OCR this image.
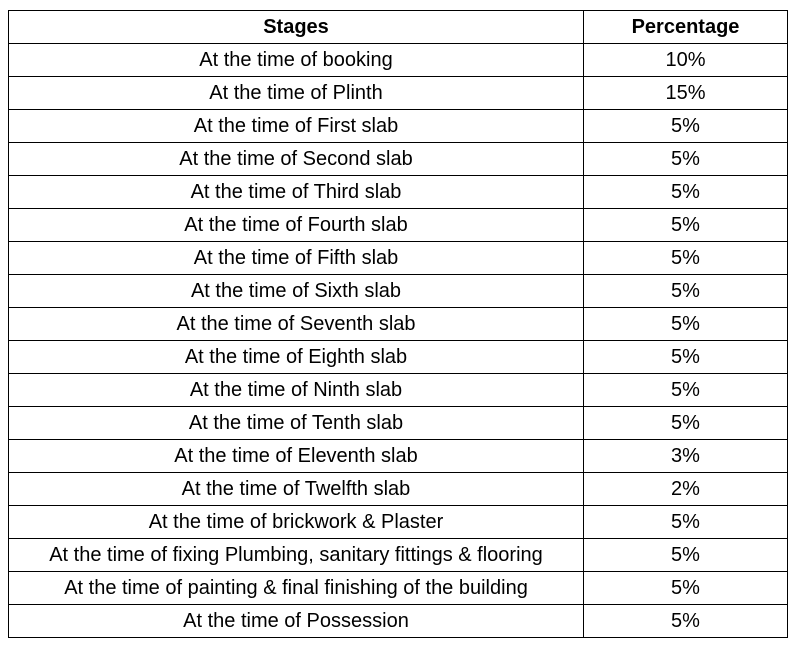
Stages	Percentage
At the time of booking	10%
At the time of Plinth	15%
At the time of First slab	5%
At the time of Second slab	5%
At the time of Third slab	5%
At the time of Fourth slab	5%
At the time of Fifth slab	5%
At the time of Sixth slab	5%
At the time of Seventh slab	5%
At the time of Eighth slab	5%
At the time of Ninth slab	5%
At the time of Tenth slab	5%
At the time of Eleventh slab	3%
At the time of Twelfth slab	2%
At the time of brickwork & Plaster	5%
At the time of fixing Plumbing, sanitary fittings & flooring	5%
At the time of painting & final finishing of the building	5%
At the time of Possession	5%
